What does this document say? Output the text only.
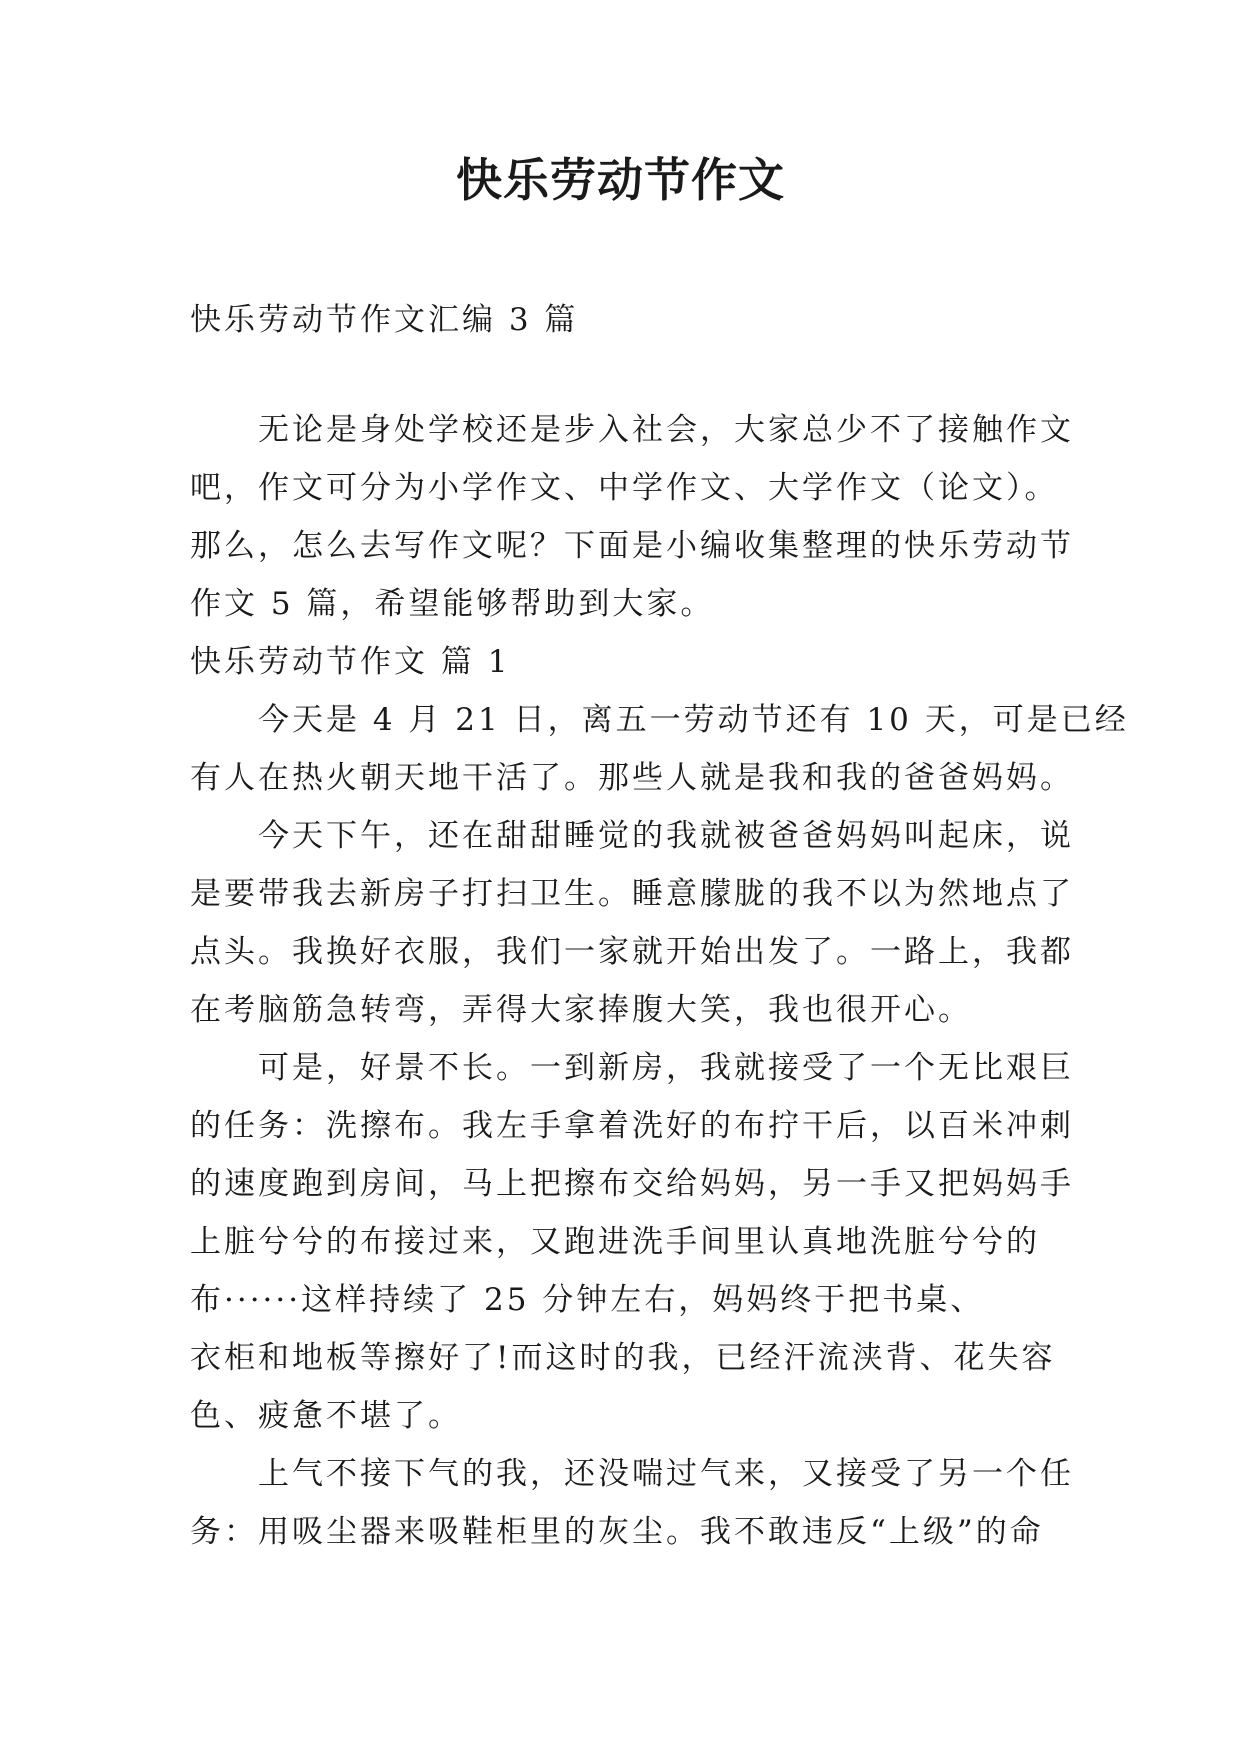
快乐劳动节作文
快乐劳动节作文汇编 3 篇
　　无论是身处学校还是步入社会，大家总少不了接触作文
吧，作文可分为小学作文、中学作文、大学作文（论文）。
那么，怎么去写作文呢？下面是小编收集整理的快乐劳动节
作文 5 篇，希望能够帮助到大家。
快乐劳动节作文 篇 1
　　今天是 4 月 21 日，离五一劳动节还有 10 天，可是已经
有人在热火朝天地干活了。那些人就是我和我的爸爸妈妈。
　　今天下午，还在甜甜睡觉的我就被爸爸妈妈叫起床，说
是要带我去新房子打扫卫生。睡意朦胧的我不以为然地点了
点头。我换好衣服，我们一家就开始出发了。一路上，我都
在考脑筋急转弯，弄得大家捧腹大笑，我也很开心。
　　可是，好景不长。一到新房，我就接受了一个无比艰巨
的任务：洗擦布。我左手拿着洗好的布拧干后，以百米冲刺
的速度跑到房间，马上把擦布交给妈妈，另一手又把妈妈手
上脏兮兮的布接过来，又跑进洗手间里认真地洗脏兮兮的
布······这样持续了 25 分钟左右，妈妈终于把书桌、
衣柜和地板等擦好了!而这时的我，已经汗流浃背、花失容
色、疲惫不堪了。
　　上气不接下气的我，还没喘过气来，又接受了另一个任
务：用吸尘器来吸鞋柜里的灰尘。我不敢违反“上级”的命
